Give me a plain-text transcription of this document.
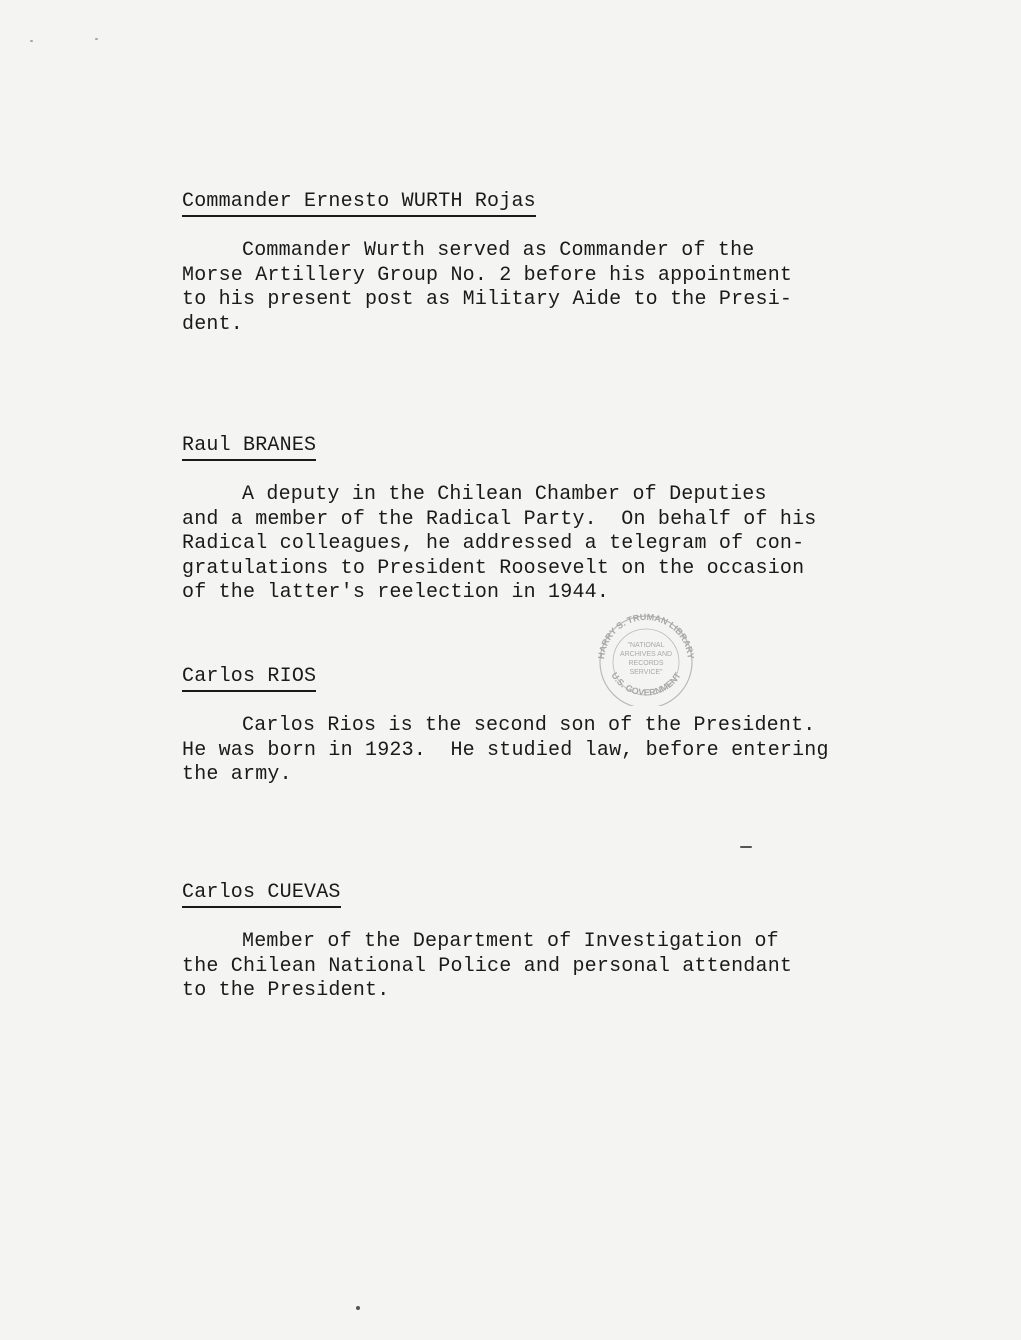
Commander Ernesto WURTH Rojas
Commander Wurth served as Commander of the
Morse Artillery Group No. 2 before his appointment
to his present post as Military Aide to the Presi-
dent.
Raul BRANES
A deputy in the Chilean Chamber of Deputies
and a member of the Radical Party.  On behalf of his
Radical colleagues, he addressed a telegram of con-
gratulations to President Roosevelt on the occasion
of the latter's reelection in 1944.
Carlos RIOS
Carlos Rios is the second son of the President.
He was born in 1923.  He studied law, before entering
the army.
Carlos CUEVAS
Member of the Department of Investigation of
the Chilean National Police and personal attendant
to the President.
HARRY S. TRUMAN LIBRARY
U.S. GOVERNMENT
"NATIONAL
ARCHIVES AND
RECORDS
SERVICE"
